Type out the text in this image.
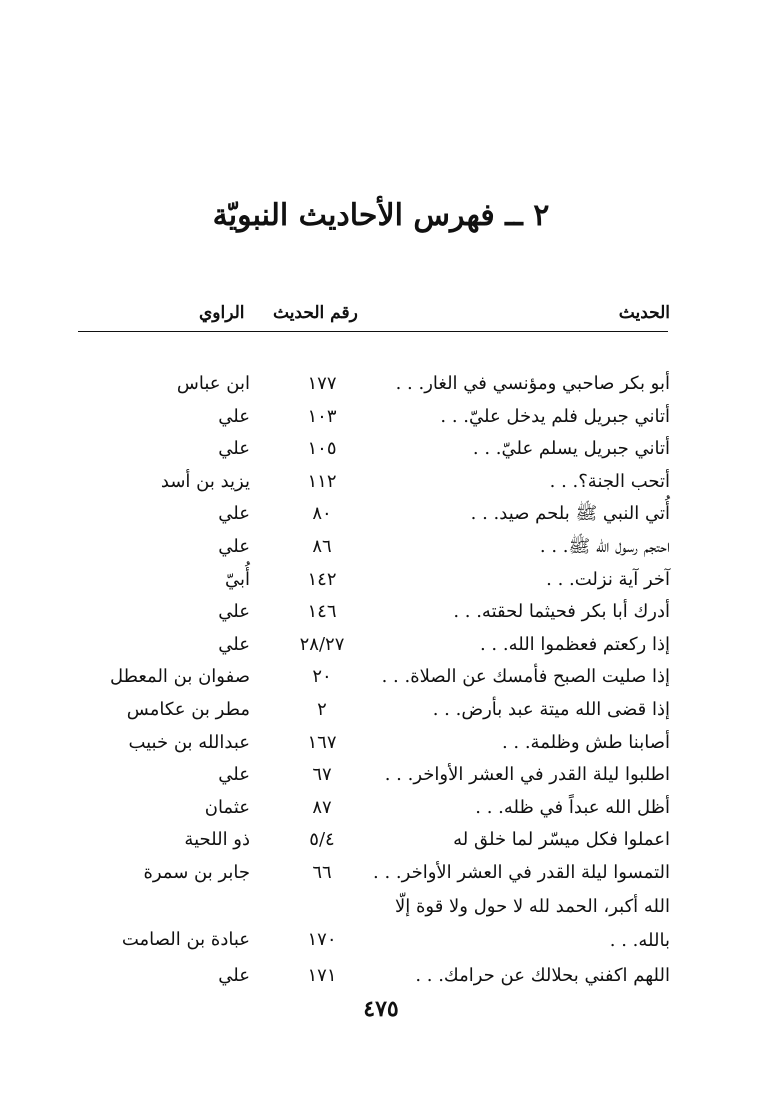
٢ ــ فهرس الأحاديث النبويّة
الحديث
رقم الحديث
الراوي
أبو بكر صاحبي ومؤنسي في الغار. . .
١٧٧
ابن عباس
أتاني جبريل فلم يدخل عليّ. . .
١٠٣
علي
أتاني جبريل يسلم عليّ. . .
١٠٥
علي
أتحب الجنة؟. . .
١١٢
يزيد بن أسد
أُتي النبي ﷺ بلحم صيد. . .
٨٠
علي
احتجم رسول الله ﷺ. . .
٨٦
علي
آخر آية نزلت. . .
١٤٢
أُبيّ
أدرك أبا بكر فحيثما لحقته. . .
١٤٦
علي
إذا ركعتم فعظموا الله. . .
٢٨/٢٧
علي
إذا صليت الصبح فأمسك عن الصلاة. . .
٢٠
صفوان بن المعطل
إذا قضى الله ميتة عبد بأرض. . .
٢
مطر بن عكامس
أصابنا طش وظلمة. . .
١٦٧
عبدالله بن خبيب
اطلبوا ليلة القدر في العشر الأواخر. . .
٦٧
علي
أظل الله عبداً في ظله. . .
٨٧
عثمان
اعملوا فكل ميسّر لما خلق له
٥/٤
ذو اللحية
التمسوا ليلة القدر في العشر الأواخر. . .
٦٦
جابر بن سمرة
الله أكبر، الحمد لله لا حول ولا قوة إلّا بالله. . .
١٧٠
عبادة بن الصامت
اللهم اكفني بحلالك عن حرامك. . .
١٧١
علي
٤٧٥
